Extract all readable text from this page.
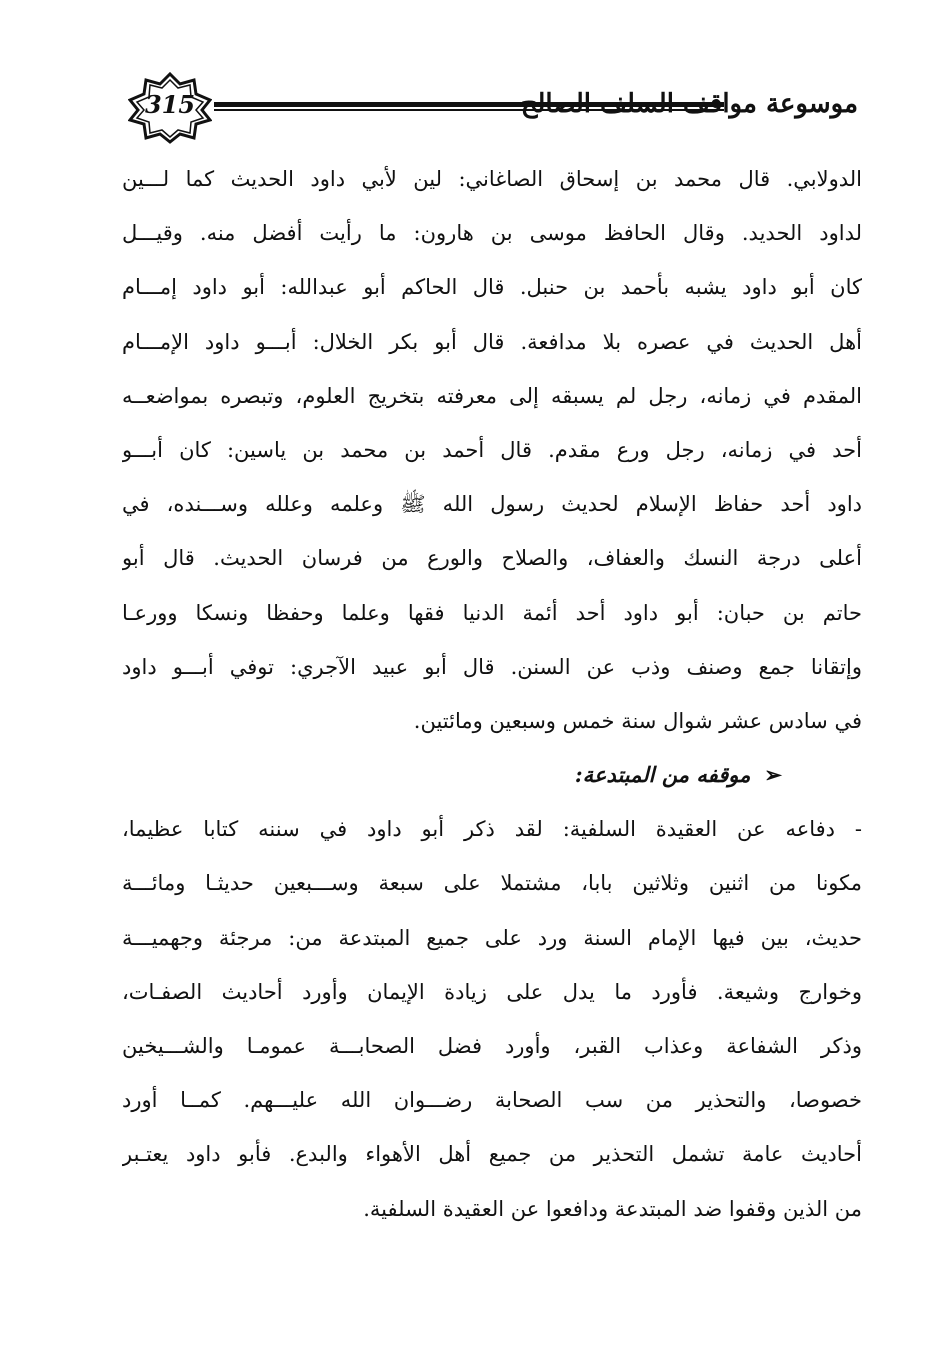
315	موسوعة مواقف السلف الصالح
الدولابي. قال محمد بن إسحاق الصاغاني: لين لأبي داود الحديث كما لـــين
لداود الحديد. وقال الحافظ موسى بن هارون: ما رأيت أفضل منه. وقيـــل
كان أبو داود يشبه بأحمد بن حنبل. قال الحاكم أبو عبدالله: أبو داود إمـــام
أهل الحديث في عصره بلا مدافعة. قال أبو بكر الخلال: أبـــو داود الإمـــام
المقدم في زمانه، رجل لم يسبقه إلى معرفته بتخريج العلوم، وتبصره بمواضعــه
أحد في زمانه، رجل ورع مقدم. قال أحمد بن محمد بن ياسين: كان أبـــو
داود أحد حفاظ الإسلام لحديث رسول الله ﷺ وعلمه وعلله وســـنده، في
أعلى درجة النسك والعفاف، والصلاح والورع من فرسان الحديث. قال أبو
حاتم بن حبان: أبو داود أحد أئمة الدنيا فقها وعلما وحفظا ونسكا وورعـا
وإتقانا جمع وصنف وذب عن السنن. قال أبو عبيد الآجري: توفي أبـــو داود
في سادس عشر شوال سنة خمس وسبعين ومائتين.
➢موقفه من المبتدعة:
- دفاعه عن العقيدة السلفية: لقد ذكر أبو داود في سننه كتابا عظيما،
مكونا من اثنين وثلاثين بابا، مشتملا على سبعة وســـبعين حديثـا ومائـــة
حديث، بين فيها الإمام السنة ورد على جميع المبتدعة من: مرجئة وجهميـــة
وخوارج وشيعة. فأورد ما يدل على زيادة الإيمان وأورد أحاديث الصفـات،
وذكر الشفاعة وعذاب القبر، وأورد فضل الصحابـــة عمومـا والشـــيخين
خصوصا، والتحذير من سب الصحابة رضـــوان الله عليـــهم. كمــا أورد
أحاديث عامة تشمل التحذير من جميع أهل الأهواء والبدع. فأبو داود يعتـبر
من الذين وقفوا ضد المبتدعة ودافعوا عن العقيدة السلفية.
